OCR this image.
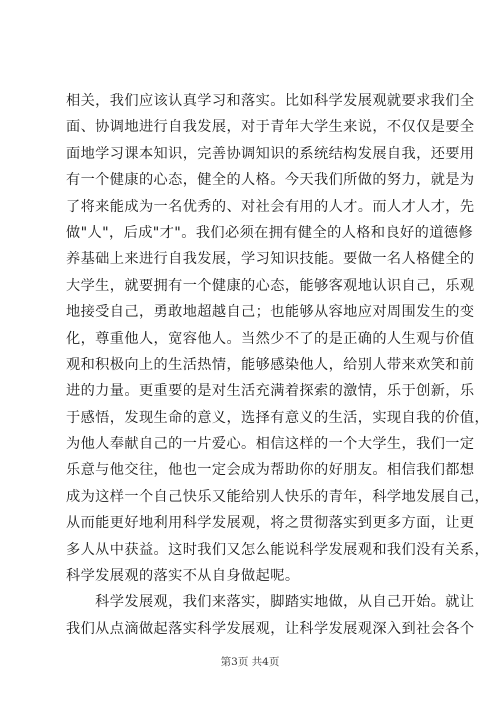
相关，我们应该认真学习和落实。比如科学发展观就要求我们全
面、协调地进行自我发展，对于青年大学生来说，不仅仅是要全
面地学习课本知识，完善协调知识的系统结构发展自我，还要用
有一个健康的心态，健全的人格。今天我们所做的努力，就是为
了将来能成为一名优秀的、对社会有用的人才。而人才人才，先
做"人"，后成"才"。我们必须在拥有健全的人格和良好的道德修
养基础上来进行自我发展，学习知识技能。要做一名人格健全的
大学生，就要拥有一个健康的心态，能够客观地认识自己，乐观
地接受自己，勇敢地超越自己；也能够从容地应对周围发生的变
化，尊重他人，宽容他人。当然少不了的是正确的人生观与价值
观和积极向上的生活热情，能够感染他人，给别人带来欢笑和前
进的力量。更重要的是对生活充满着探索的激情，乐于创新，乐
于感悟，发现生命的意义，选择有意义的生活，实现自我的价值，
为他人奉献自己的一片爱心。相信这样的一个大学生，我们一定
乐意与他交往，他也一定会成为帮助你的好朋友。相信我们都想
成为这样一个自己快乐又能给别人快乐的青年，科学地发展自己，
从而能更好地利用科学发展观，将之贯彻落实到更多方面，让更
多人从中获益。这时我们又怎么能说科学发展观和我们没有关系，
科学发展观的落实不从自身做起呢。
　　科学发展观，我们来落实，脚踏实地做，从自己开始。就让
我们从点滴做起落实科学发展观，让科学发展观深入到社会各个
第3页 共4页
